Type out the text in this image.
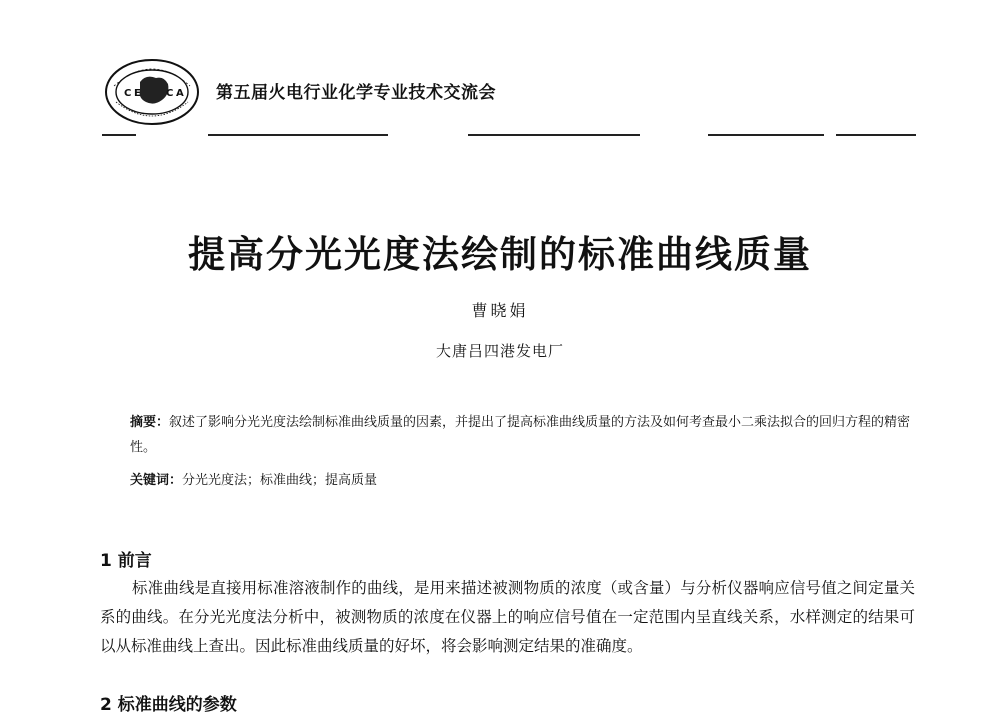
C E	C A 第五届火电行业化学专业技术交流会
提高分光光度法绘制的标准曲线质量
曹晓娟
大唐吕四港发电厂

摘要：叙述了影响分光光度法绘制标准曲线质量的因素，并提出了提高标准曲线质量的方法及如何考查最小二乘法拟合的回归方程的精密性。

关键词：分光光度法；标准曲线；提高质量
1 前言

标准曲线是直接用标准溶液制作的曲线，是用来描述被测物质的浓度（或含量）与分析仪器响应信号值之间定量关系的曲线。在分光光度法分析中，被测物质的浓度在仪器上的响应信号值在一定范围内呈直线关系，水样测定的结果可以从标准曲线上查出。因此标准曲线质量的好坏，将会影响测定结果的准确度。

2 标准曲线的参数
